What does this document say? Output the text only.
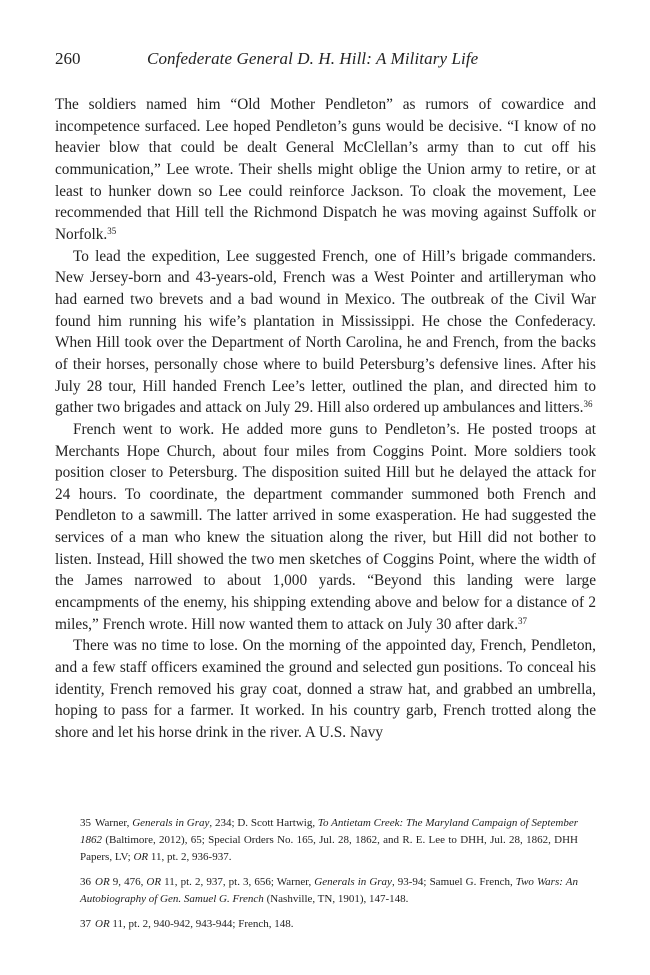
260	Confederate General D. H. Hill: A Military Life

The soldiers named him “Old Mother Pendleton” as rumors of cowardice and incompetence surfaced. Lee hoped Pendleton’s guns would be decisive. “I know of no heavier blow that could be dealt General McClellan’s army than to cut off his communication,” Lee wrote. Their shells might oblige the Union army to retire, or at least to hunker down so Lee could reinforce Jackson. To cloak the movement, Lee recommended that Hill tell the Richmond Dispatch he was moving against Suffolk or Norfolk.$^{35}$

To lead the expedition, Lee suggested French, one of Hill’s brigade commanders. New Jersey-born and 43-years-old, French was a West Pointer and artilleryman who had earned two brevets and a bad wound in Mexico. The outbreak of the Civil War found him running his wife’s plantation in Mississippi. He chose the Confederacy. When Hill took over the Department of North Carolina, he and French, from the backs of their horses, personally chose where to build Petersburg’s defensive lines. After his July 28 tour, Hill handed French Lee’s letter, outlined the plan, and directed him to gather two brigades and attack on July 29. Hill also ordered up ambulances and litters.$^{36}$

French went to work. He added more guns to Pendleton’s. He posted troops at Merchants Hope Church, about four miles from Coggins Point. More soldiers took position closer to Petersburg. The disposition suited Hill but he delayed the attack for 24 hours. To coordinate, the department commander summoned both French and Pendleton to a sawmill. The latter arrived in some exasperation. He had suggested the services of a man who knew the situation along the river, but Hill did not bother to listen. Instead, Hill showed the two men sketches of Coggins Point, where the width of the James narrowed to about 1,000 yards. “Beyond this landing were large encampments of the enemy, his shipping extending above and below for a distance of 2 miles,” French wrote. Hill now wanted them to attack on July 30 after dark.$^{37}$

There was no time to lose. On the morning of the appointed day, French, Pendleton, and a few staff officers examined the ground and selected gun positions. To conceal his identity, French removed his gray coat, donned a straw hat, and grabbed an umbrella, hoping to pass for a farmer. It worked. In his country garb, French trotted along the shore and let his horse drink in the river. A U.S. Navy

35 Warner, Generals in Gray, 234; D. Scott Hartwig, To Antietam Creek: The Maryland Campaign of September 1862 (Baltimore, 2012), 65; Special Orders No. 165, Jul. 28, 1862, and R. E. Lee to DHH, Jul. 28, 1862, DHH Papers, LV; OR 11, pt. 2, 936-937.

36 OR 9, 476, OR 11, pt. 2, 937, pt. 3, 656; Warner, Generals in Gray, 93-94; Samuel G. French, Two Wars: An Autobiography of Gen. Samuel G. French (Nashville, TN, 1901), 147-148.

37 OR 11, pt. 2, 940-942, 943-944; French, 148.
